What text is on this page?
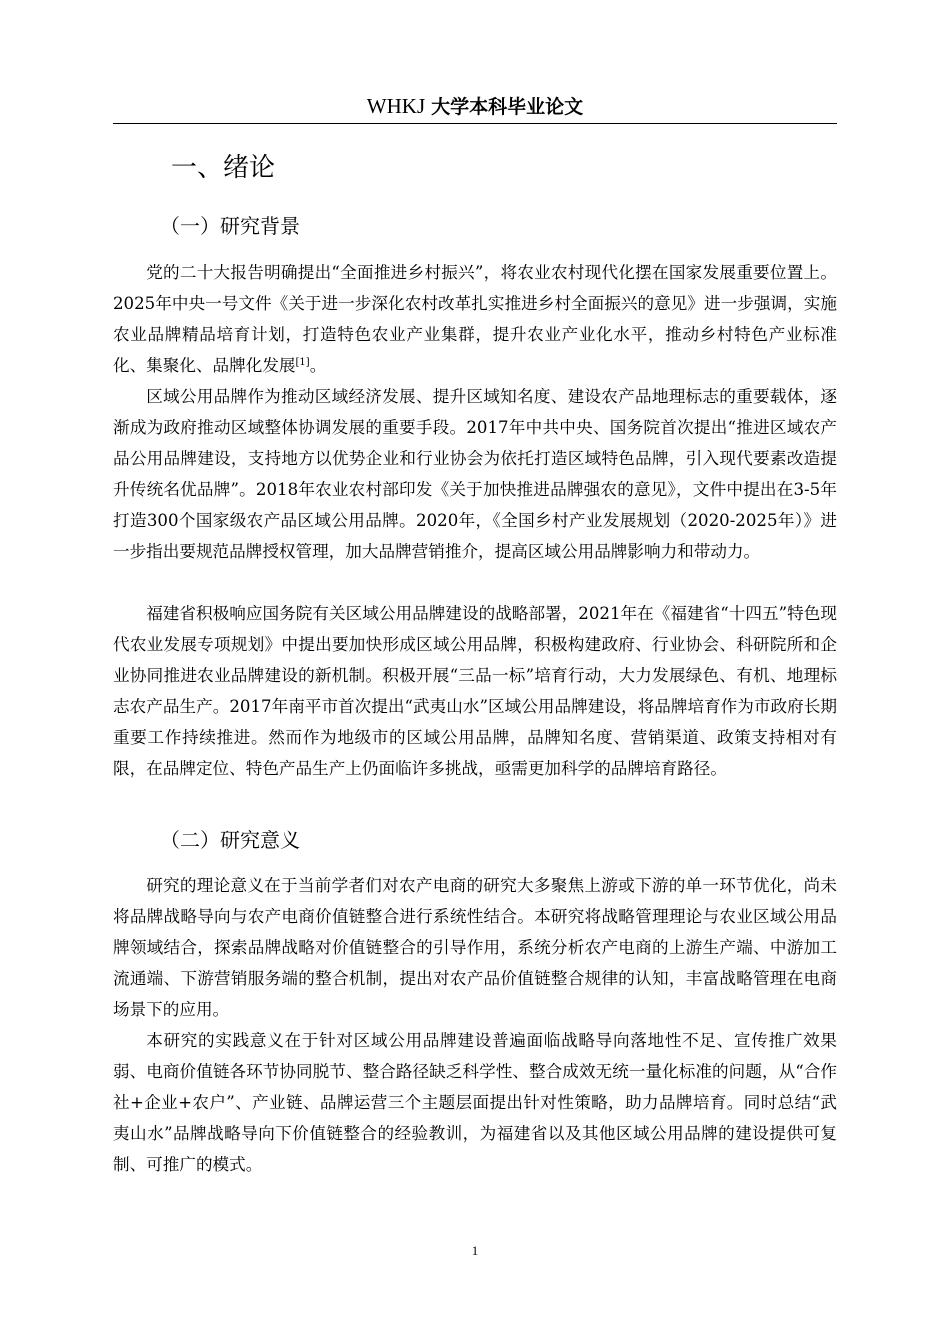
WHKJ 大学本科毕业论文
一、绪论
（一）研究背景

党的二十大报告明确提出“全面推进乡村振兴”，将农业农村现代化摆在国家发展重要位置上。2025年中央一号文件《关于进一步深化农村改革扎实推进乡村全面振兴的意见》进一步强调，实施农业品牌精品培育计划，打造特色农业产业集群，提升农业产业化水平，推动乡村特色产业标准化、集聚化、品牌化发展[1]。

区域公用品牌作为推动区域经济发展、提升区域知名度、建设农产品地理标志的重要载体，逐渐成为政府推动区域整体协调发展的重要手段。2017年中共中央、国务院首次提出“推进区域农产品公用品牌建设，支持地方以优势企业和行业协会为依托打造区域特色品牌，引入现代要素改造提升传统名优品牌”。2018年农业农村部印发《关于加快推进品牌强农的意见》，文件中提出在3-5年打造300个国家级农产品区域公用品牌。2020年，《全国乡村产业发展规划（2020-2025年）》进一步指出要规范品牌授权管理，加大品牌营销推介，提高区域公用品牌影响力和带动力。

福建省积极响应国务院有关区域公用品牌建设的战略部署，2021年在《福建省“十四五”特色现代农业发展专项规划》中提出要加快形成区域公用品牌，积极构建政府、行业协会、科研院所和企业协同推进农业品牌建设的新机制。积极开展“三品一标”培育行动，大力发展绿色、有机、地理标志农产品生产。2017年南平市首次提出“武夷山水”区域公用品牌建设，将品牌培育作为市政府长期重要工作持续推进。然而作为地级市的区域公用品牌，品牌知名度、营销渠道、政策支持相对有限，在品牌定位、特色产品生产上仍面临许多挑战，亟需更加科学的品牌培育路径。

（二）研究意义

研究的理论意义在于当前学者们对农产电商的研究大多聚焦上游或下游的单一环节优化，尚未将品牌战略导向与农产电商价值链整合进行系统性结合。本研究将战略管理理论与农业区域公用品牌领域结合，探索品牌战略对价值链整合的引导作用，系统分析农产电商的上游生产端、中游加工流通端、下游营销服务端的整合机制，提出对农产品价值链整合规律的认知，丰富战略管理在电商场景下的应用。

本研究的实践意义在于针对区域公用品牌建设普遍面临战略导向落地性不足、宣传推广效果弱、电商价值链各环节协同脱节、整合路径缺乏科学性、整合成效无统一量化标准的问题，从“合作社+企业+农户”、产业链、品牌运营三个主题层面提出针对性策略，助力品牌培育。同时总结“武夷山水”品牌战略导向下价值链整合的经验教训，为福建省以及其他区域公用品牌的建设提供可复制、可推广的模式。

1
